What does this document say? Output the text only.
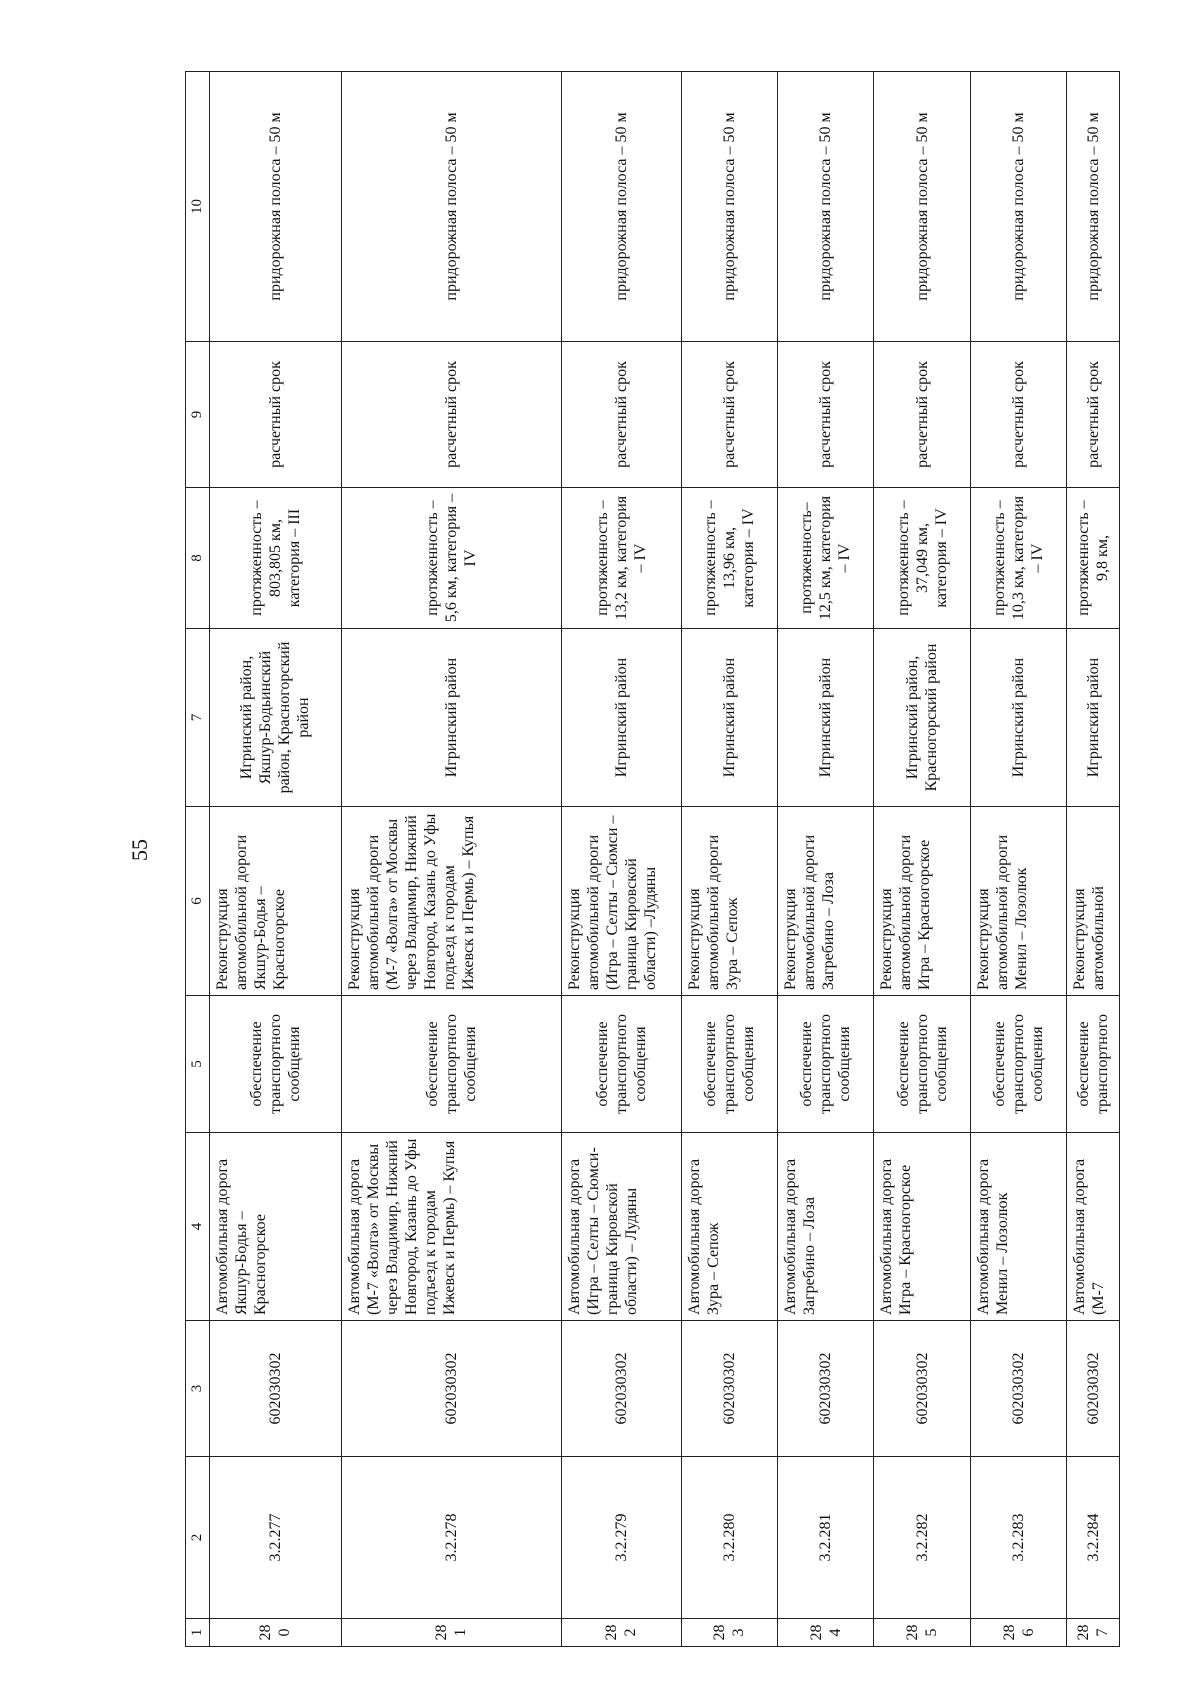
55
1	2	3	4	5	6	7	8	9	10
280	3.2.277	602030302	Автомобильная дорога Якшур-Бодья – Красногорское	обеспечение транспортного сообщения	Реконструкция автомобильной дороги Якшур-Бодья – Красногорское	Игринский район, Якшур-Бодьинский район, Красногорский район	протяженность – 803,805 км, категория – III	расчетный срок	придорожная полоса – 50 м
281	3.2.278	602030302	Автомобильная дорога (М-7 «Волга» от Москвы через Владимир, Нижний Новгород, Казань до Уфы подъезд к городам Ижевск и Пермь) – Купья	обеспечение транспортного сообщения	Реконструкция автомобильной дороги (М-7 «Волга» от Москвы через Владимир, Нижний Новгород, Казань до Уфы подъезд к городам Ижевск и Пермь) – Купья	Игринский район	протяженность – 5,6 км, категория – IV	расчетный срок	придорожная полоса – 50 м
282	3.2.279	602030302	Автомобильная дорога (Игра – Селты – Сюмси-граница Кировской области) – Лудяны	обеспечение транспортного сообщения	Реконструкция автомобильной дороги (Игра – Селты – Сюмси – граница Кировской области) –Лудяны	Игринский район	протяженность – 13,2 км, категория – IV	расчетный срок	придорожная полоса – 50 м
283	3.2.280	602030302	Автомобильная дорога Зура – Сепож	обеспечение транспортного сообщения	Реконструкция автомобильной дороги Зура – Сепож	Игринский район	протяженность – 13,96 км, категория – IV	расчетный срок	придорожная полоса – 50 м
284	3.2.281	602030302	Автомобильная дорога Загребино – Лоза	обеспечение транспортного сообщения	Реконструкция автомобильной дороги Загребино – Лоза	Игринский район	протяженность– 12,5 км, категория – IV	расчетный срок	придорожная полоса – 50 м
285	3.2.282	602030302	Автомобильная дорога Игра – Красногорское	обеспечение транспортного сообщения	Реконструкция автомобильной дороги Игра – Красногорское	Игринский район, Красногорский район	протяженность – 37,049 км, категория – IV	расчетный срок	придорожная полоса – 50 м
286	3.2.283	602030302	Автомобильная дорога Менил – Лозолюк	обеспечение транспортного сообщения	Реконструкция автомобильной дороги Менил – Лозолюк	Игринский район	протяженность – 10,3 км, категория – IV	расчетный срок	придорожная полоса – 50 м
287	3.2.284	602030302	Автомобильная дорога (М-7	обеспечение транспортного	Реконструкция автомобильной	Игринский район	протяженность – 9,8 км,	расчетный срок	придорожная полоса – 50 м
